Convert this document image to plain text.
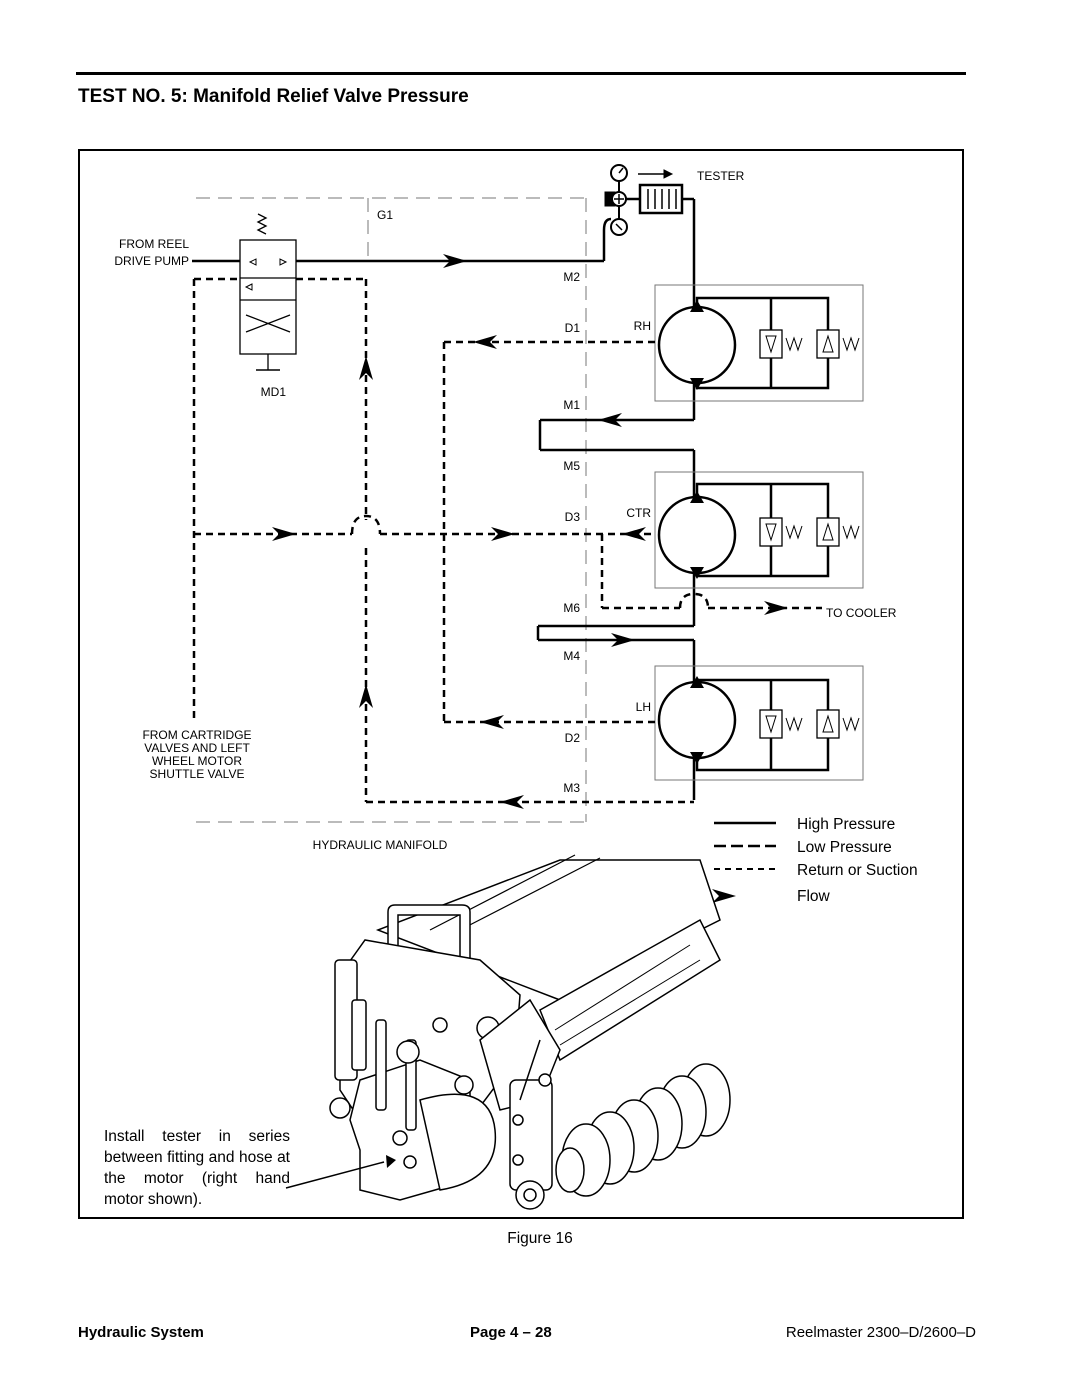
TEST NO. 5: Manifold Relief Valve Pressure
TESTER
G1
FROM REEL
DRIVE PUMP
M2
D1	RH
MD1
M1
M5
D3	CTR
M6	TO COOLER
M4
LH
D2
M3
FROM CARTRIDGE
VALVES AND LEFT
WHEEL MOTOR
SHUTTLE VALVE
HYDRAULIC MANIFOLD
High Pressure
Low Pressure
Return or Suction
Flow

Install tester in series between fitting and hose at the motor (right hand motor shown).

Figure 16
Hydraulic System	Page 4 – 28	Reelmaster 2300–D/2600–D
